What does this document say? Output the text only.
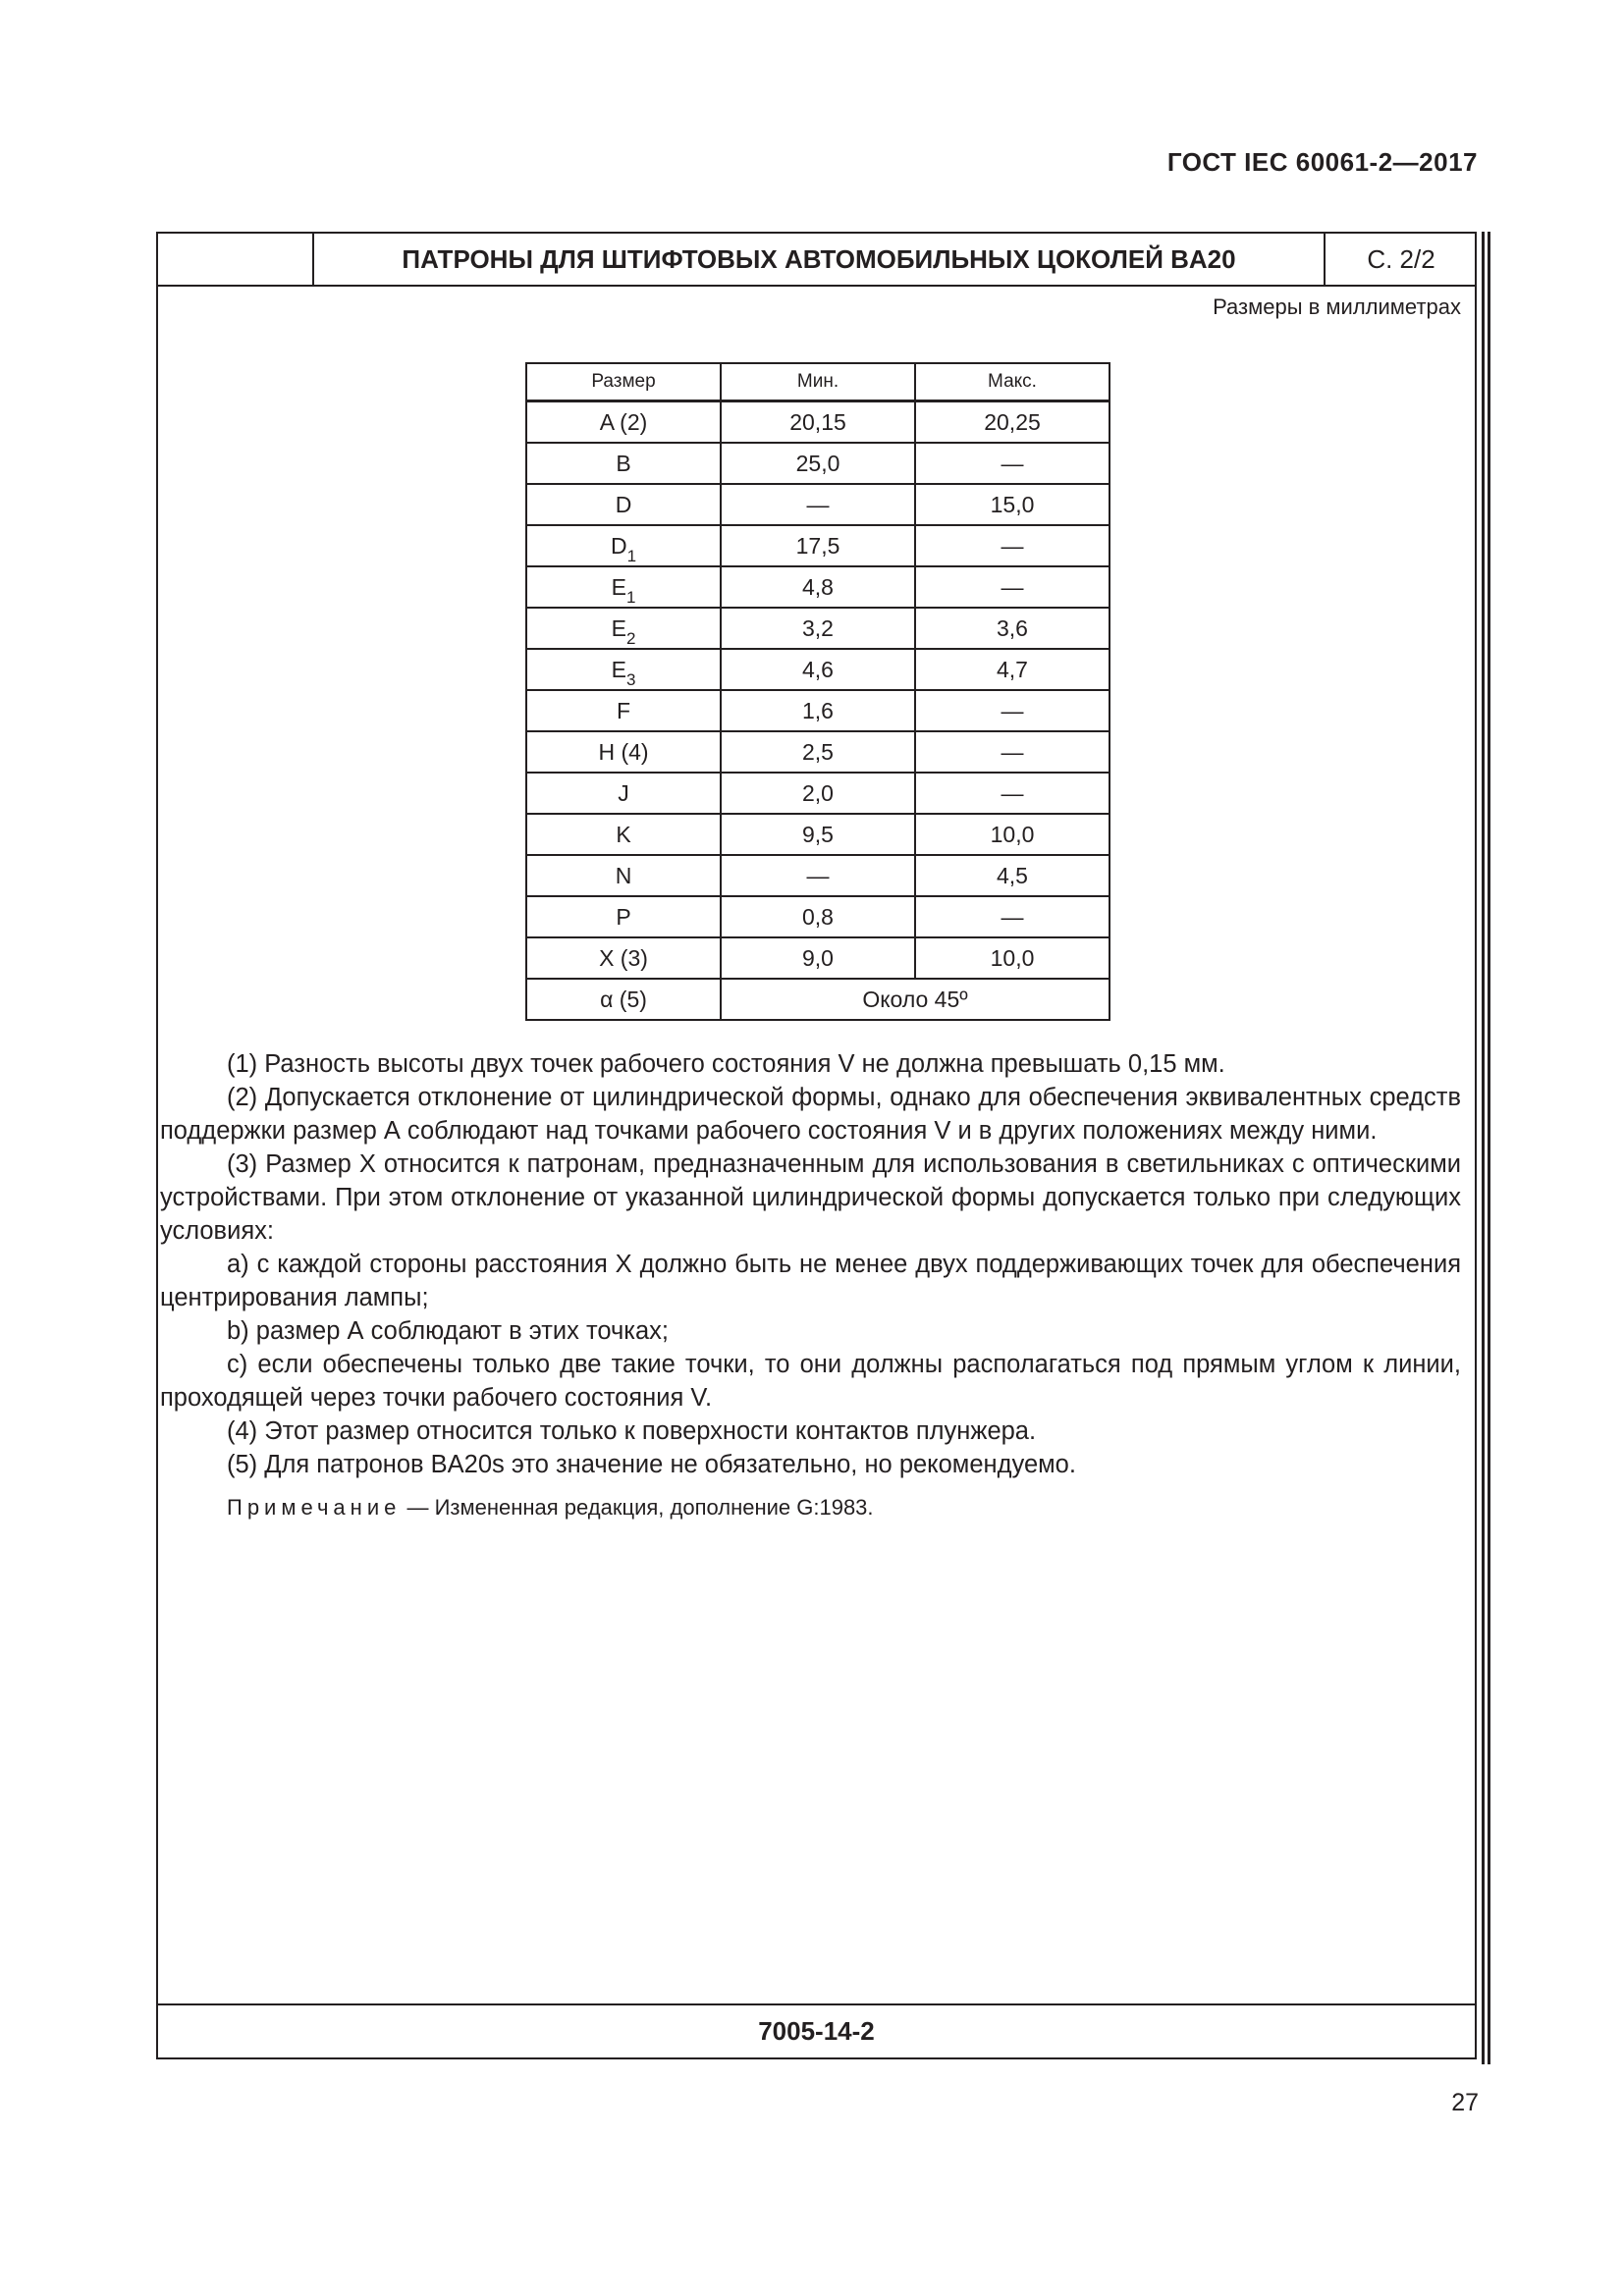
ГОСТ IEC 60061-2—2017
ПАТРОНЫ ДЛЯ ШТИФТОВЫХ АВТОМОБИЛЬНЫХ ЦОКОЛЕЙ BA20	С. 2/2
Размеры в миллиметрах
Размер	Мин.	Макс.
A (2)	20,15	20,25
B	25,0	—
D	—	15,0
$D_1$	17,5	—
$E_1$	4,8	—
$E_2$	3,2	3,6
$E_3$	4,6	4,7
F	1,6	—
H (4)	2,5	—
J	2,0	—
K	9,5	10,0
N	—	4,5
P	0,8	—
X (3)	9,0	10,0
α (5)	Около 45º	

(1) Разность высоты двух точек рабочего состояния V не должна превышать 0,15 мм.

(2) Допускается отклонение от цилиндрической формы, однако для обеспечения эквивалентных средств поддержки размер А соблюдают над точками рабочего состояния V и в других положениях между ними.

(3) Размер X относится к патронам, предназначенным для использования в светильниках с оптическими устройствами. При этом отклонение от указанной цилиндрической формы допускается только при следующих условиях:

a) с каждой стороны расстояния X должно быть не менее двух поддерживающих точек для обеспечения центрирования лампы;

b) размер А соблюдают в этих точках;

c) если обеспечены только две такие точки, то они должны располагаться под прямым углом к линии, проходящей через точки рабочего состояния V.

(4) Этот размер относится только к поверхности контактов плунжера.

(5) Для патронов BA20s это значение не обязательно, но рекомендуемо.

Примечание — Измененная редакция, дополнение G:1983.
7005-14-2
27
